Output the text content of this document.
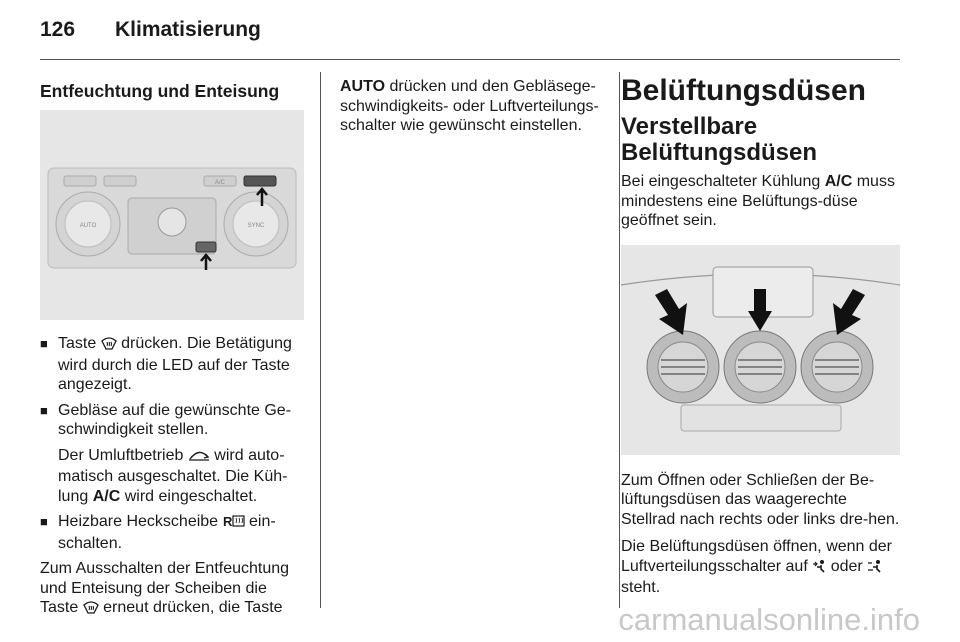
126 Klimatisierung
Entfeuchtung und Enteisung
AUTO
A/C
SYNC
■ Taste drücken. Die Betätigung wird durch die LED auf der Taste angezeigt.
■ Gebläse auf die gewünschte Ge-schwindigkeit stellen.

Der Umluftbetrieb wird auto-matisch ausgeschaltet. Die Küh-lung A/C wird eingeschaltet.

■ Heizbare Heckscheibe R ein-schalten.

Zum Ausschalten der Entfeuchtung und Enteisung der Scheiben die Taste erneut drücken, die Taste

AUTO drücken und den Gebläsege-schwindigkeits- oder Luftverteilungs-schalter wie gewünscht einstellen.

Belüftungsdüsen
Verstellbare Belüftungsdüsen

Bei eingeschalteter Kühlung A/C muss mindestens eine Belüftungs-düse geöffnet sein.

Zum Öffnen oder Schließen der Be-lüftungsdüsen das waagerechte Stellrad nach rechts oder links dre-hen.

Die Belüftungsdüsen öffnen, wenn der Luftverteilungsschalter auf oder  steht.

carmanualsonline.info
